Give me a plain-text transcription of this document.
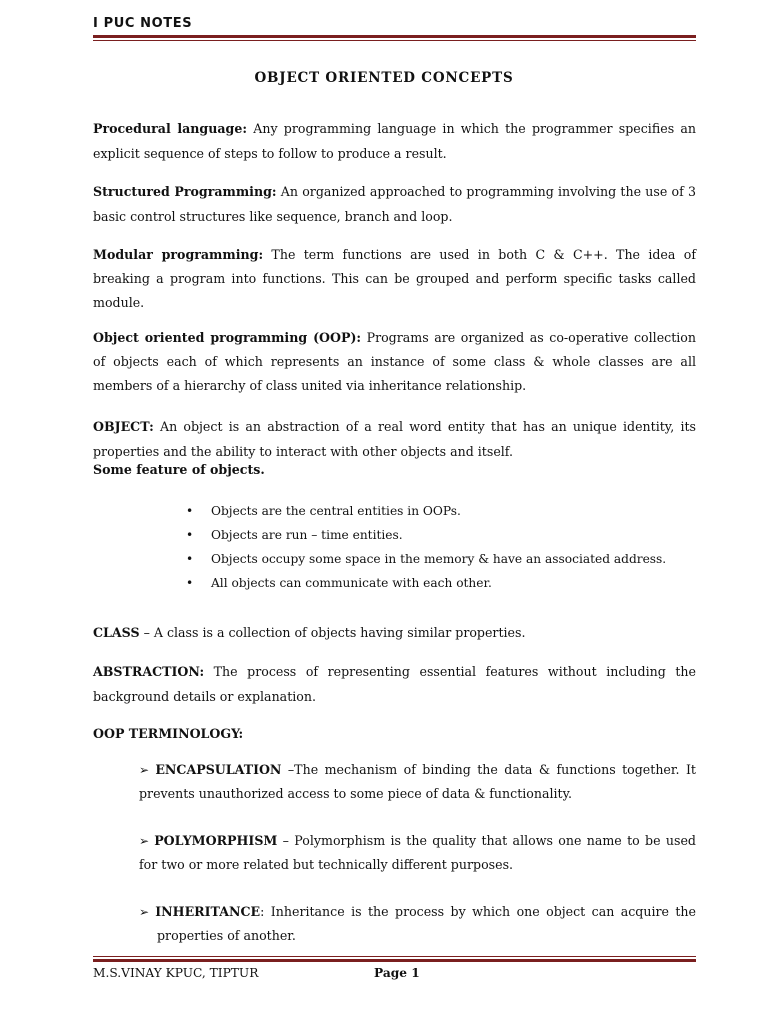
I PUC NOTES
OBJECT ORIENTED CONCEPTS
Procedural language: Any programming language in which the programmer specifies an explicit sequence of steps to follow to produce a result.
Structured Programming: An organized approached to programming involving the use of 3 basic control structures like sequence, branch and loop.
Modular programming: The term functions are used in both C & C++. The idea of breaking a program into functions. This can be grouped and perform specific tasks called module.
Object oriented programming (OOP): Programs are organized as co-operative collection of objects each of which represents an instance of some class & whole classes are all members of a hierarchy of class united via inheritance relationship.
OBJECT: An object is an abstraction of a real word entity that has an unique identity, its properties and the ability to interact with other objects and itself.
Some feature of objects.
• Objects are the central entities in OOPs.
• Objects are run – time entities.
• Objects occupy some space in the memory & have an associated address.
• All objects can communicate with each other.
CLASS – A class is a collection of objects having similar properties.
ABSTRACTION: The process of representing essential features without including the background details or explanation.
OOP TERMINOLOGY:
➢ ENCAPSULATION –The mechanism of binding the data & functions together. It prevents unauthorized access to some piece of data & functionality.
➢ POLYMORPHISM – Polymorphism is the quality that allows one name to be used for two or more related but technically different purposes.
➢ INHERITANCE: Inheritance is the process by which one object can acquire the properties of another.
M.S.VINAY KPUC, TIPTUR	Page 1
